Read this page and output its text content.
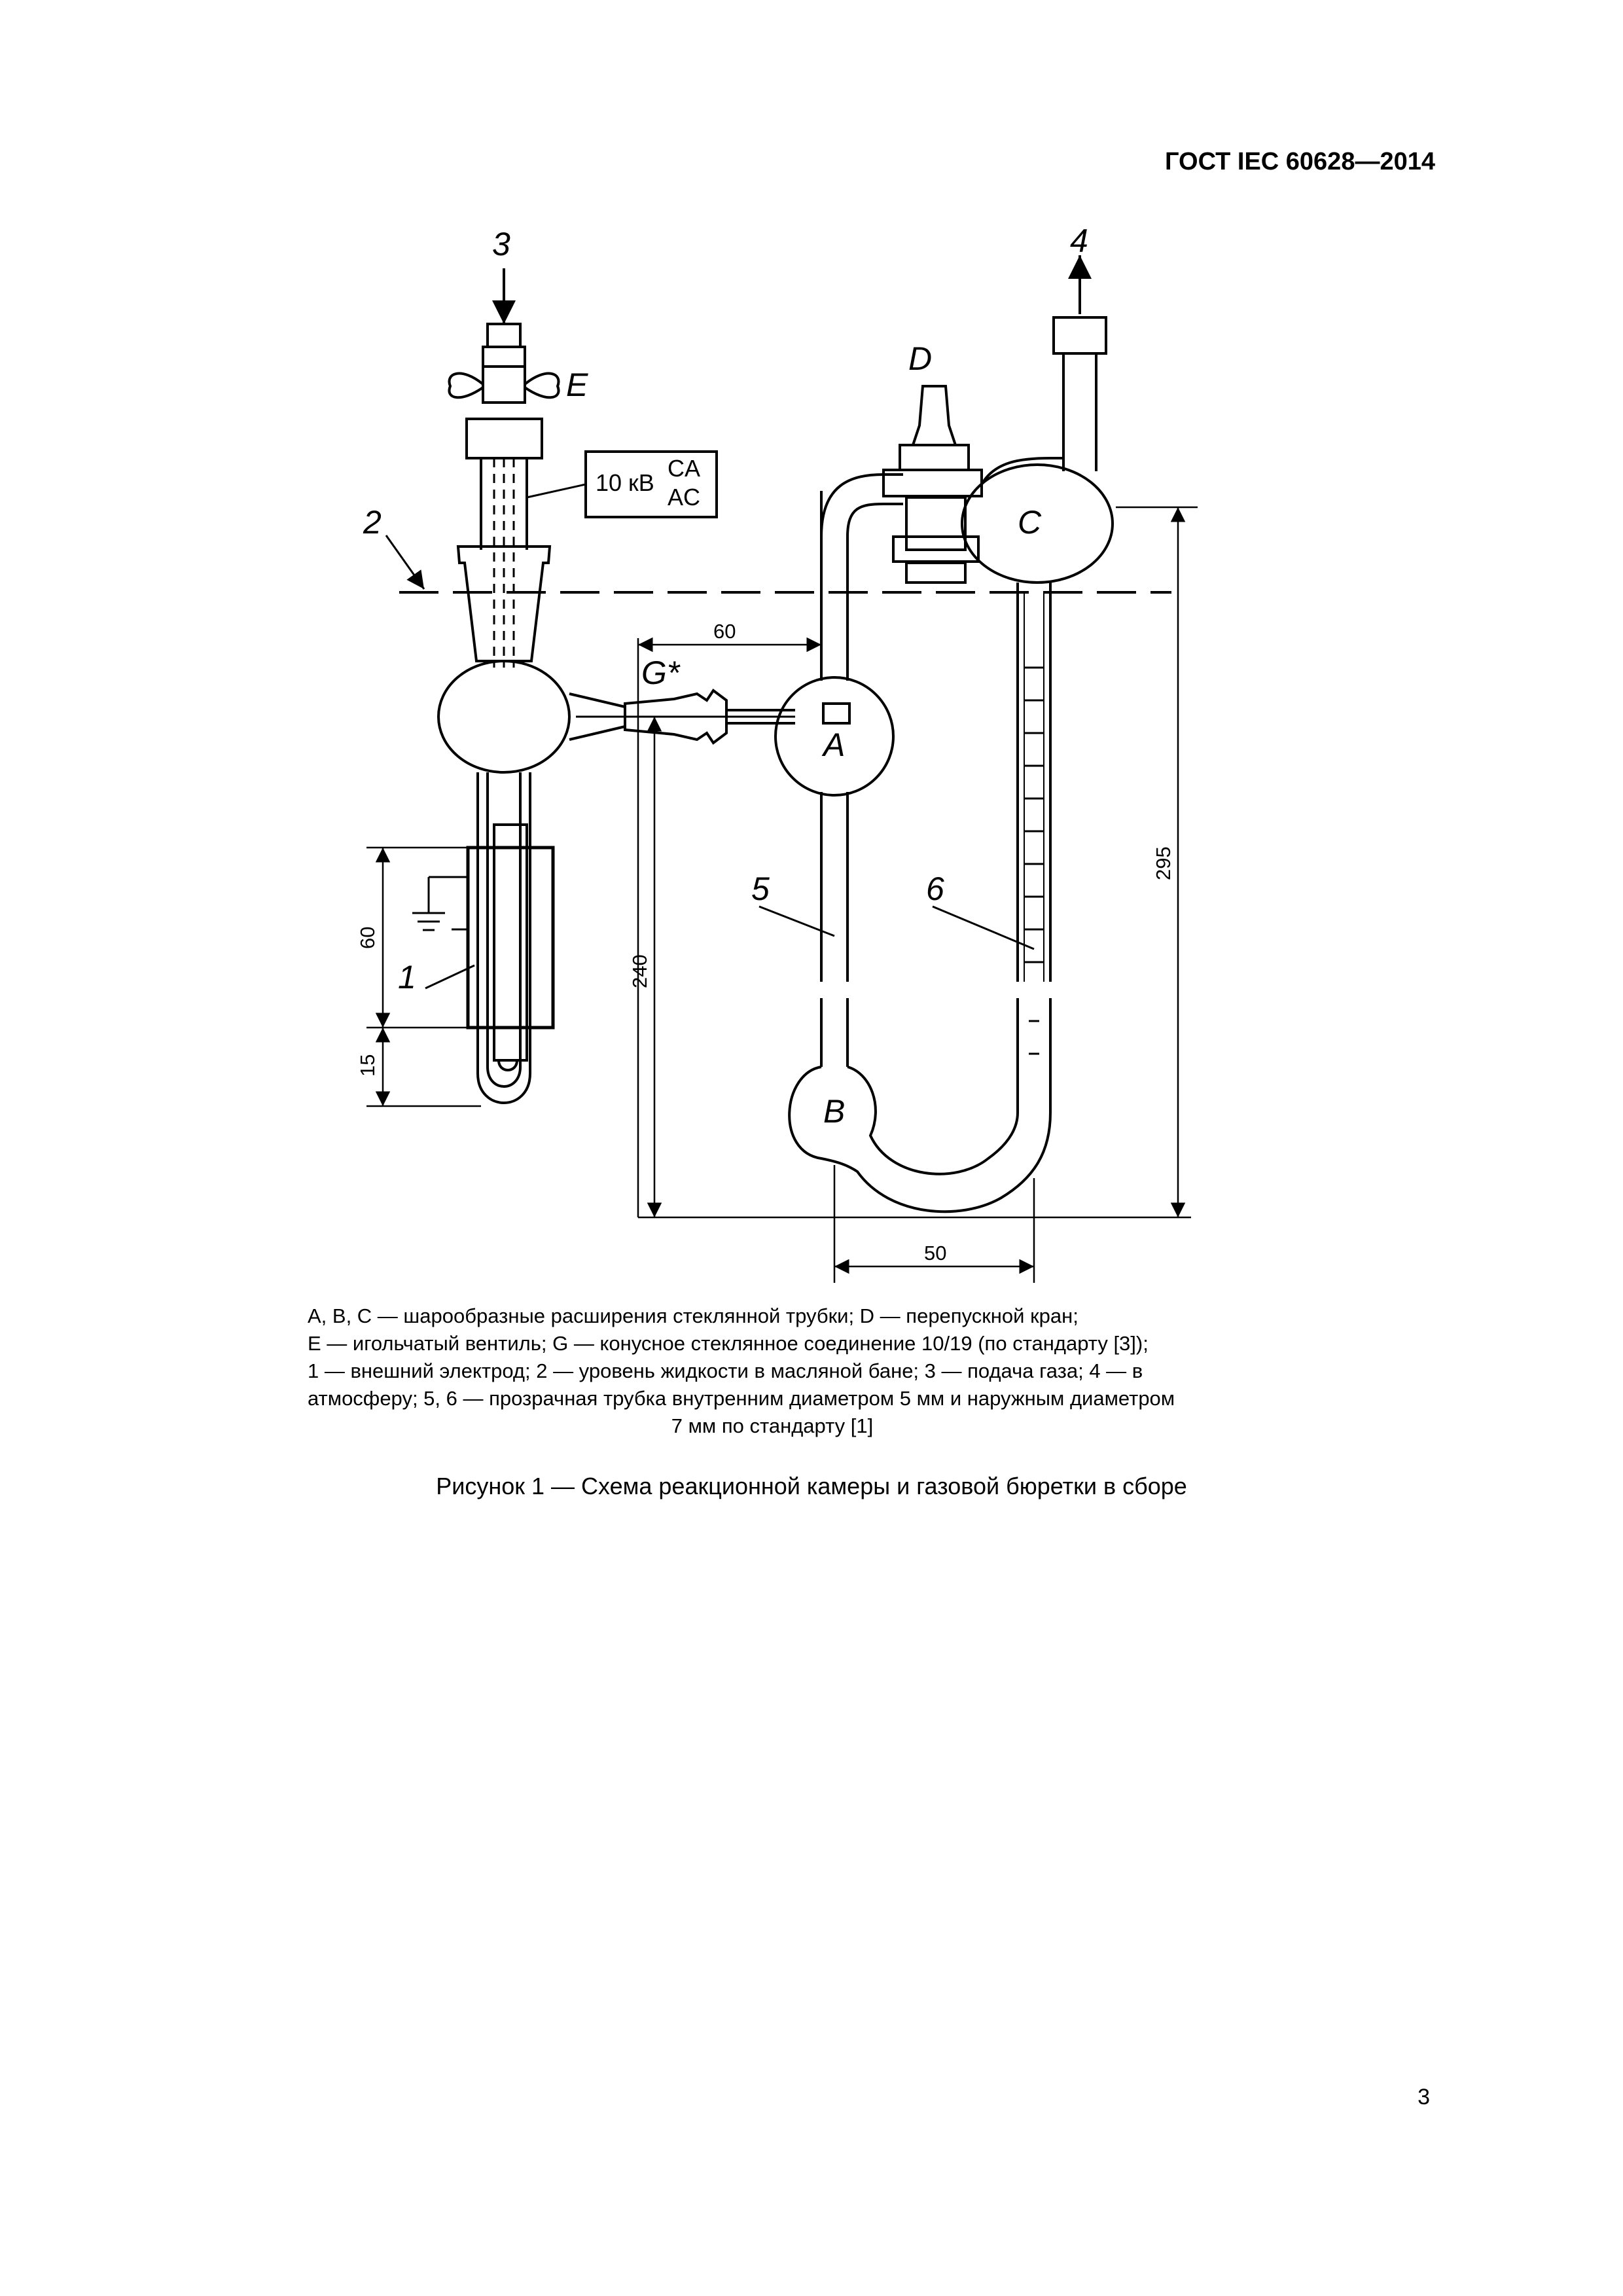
ГОСТ IEC 60628—2014
3	4
E
D
2	C
G*
A
5	6
1
B
10 кВ
CA
AC
60
50
240
295
60
15
A, B, C — шарообразные расширения стеклянной трубки; D — перепускной кран;
E — игольчатый вентиль; G — конусное стеклянное соединение 10/19 (по стандарту [3]);
1 — внешний электрод; 2 — уровень жидкости в масляной бане; 3 — подача газа; 4 — в
атмосферу; 5, 6 — прозрачная трубка внутренним диаметром 5 мм и наружным диаметром
7 мм по стандарту [1]
Рисунок 1 — Схема реакционной камеры и газовой бюретки в сборе
3
